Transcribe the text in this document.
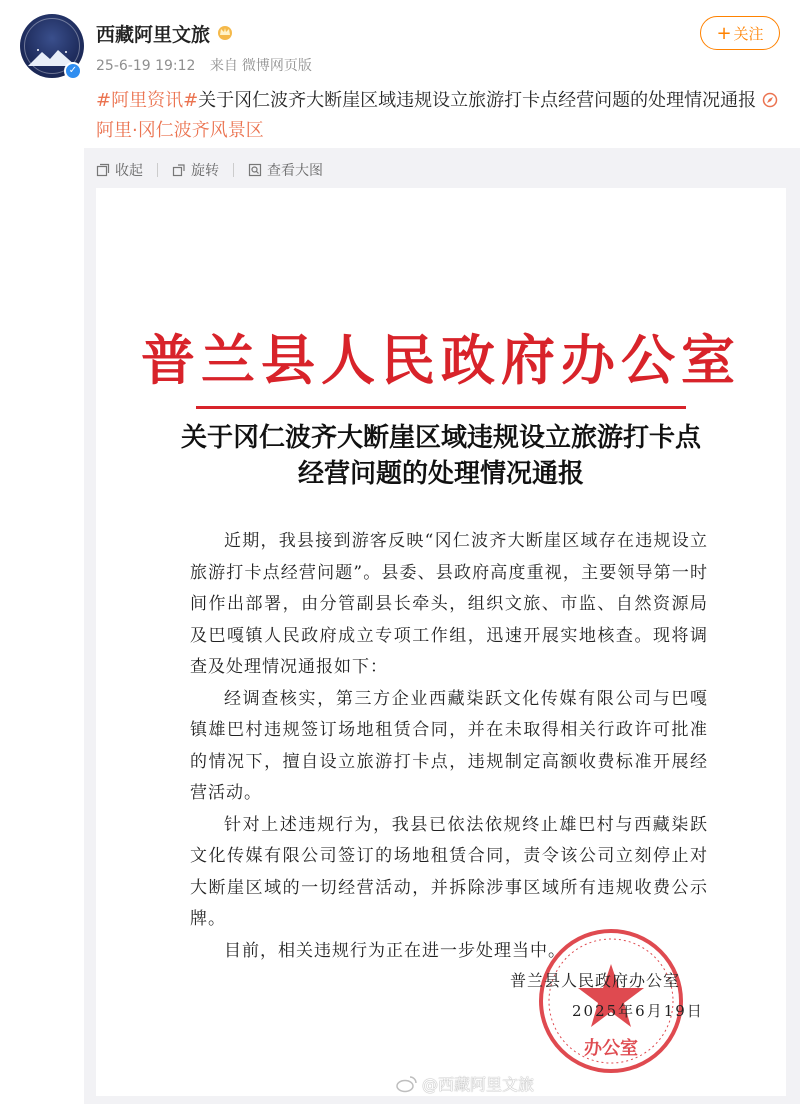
✓
西藏阿里文旅
25-6-19 19:12 来自 微博网页版
+ 关注
#阿里资讯#关于冈仁波齐大断崖区域违规设立旅游打卡点经营问题的处理情况通报 阿里·冈仁波齐风景区
收起	旋转	查看大图
普兰县人民政府办公室
关于冈仁波齐大断崖区域违规设立旅游打卡点
经营问题的处理情况通报

近期，我县接到游客反映“冈仁波齐大断崖区域存在违规设立旅游打卡点经营问题”。县委、县政府高度重视，主要领导第一时间作出部署，由分管副县长牵头，组织文旅、市监、自然资源局及巴嘎镇人民政府成立专项工作组，迅速开展实地核查。现将调查及处理情况通报如下：

经调查核实，第三方企业西藏柒跃文化传媒有限公司与巴嘎镇雄巴村违规签订场地租赁合同，并在未取得相关行政许可批准的情况下，擅自设立旅游打卡点，违规制定高额收费标准开展经营活动。

针对上述违规行为，我县已依法依规终止雄巴村与西藏柒跃文化传媒有限公司签订的场地租赁合同，责令该公司立刻停止对大断崖区域的一切经营活动，并拆除涉事区域所有违规收费公示牌。

目前，相关违规行为正在进一步处理当中。

办公室
普兰县人民政府办公室
2025年6月19日
@西藏阿里文旅
